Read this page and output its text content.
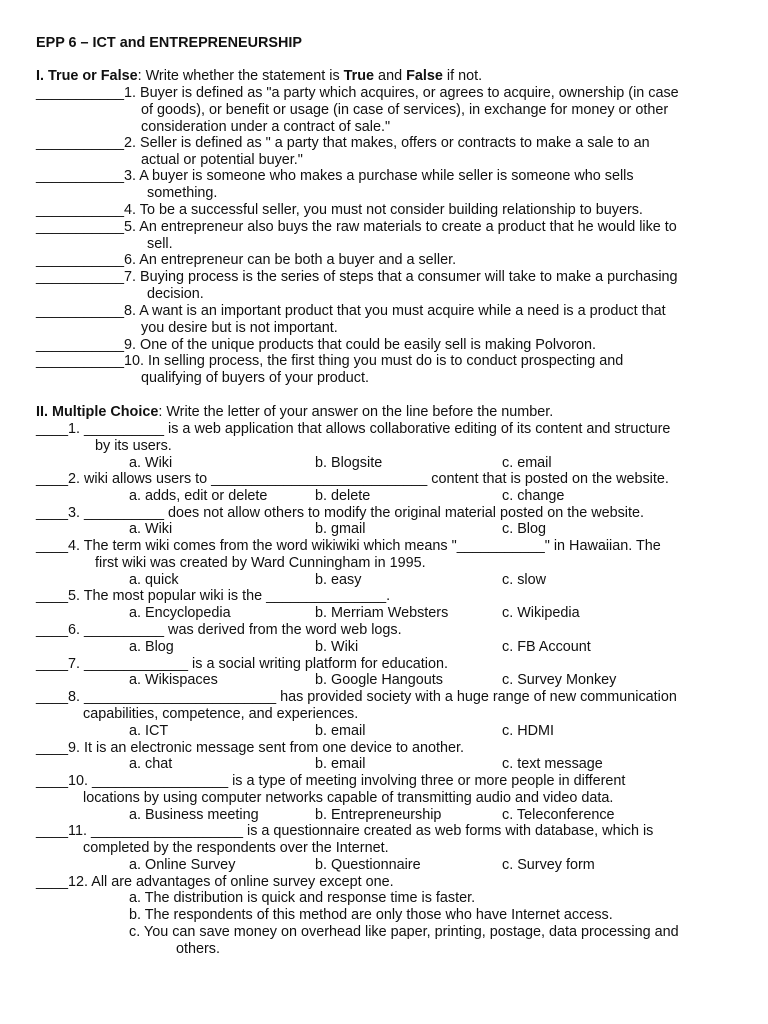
EPP 6 – ICT and ENTREPRENEURSHIP
I. True or False: Write whether the statement is True and False if not.
___________1. Buyer is defined as "a party which acquires, or agrees to acquire, ownership (in case
of goods), or benefit or usage (in case of services), in exchange for money or other
consideration under a contract of sale."
___________2. Seller is defined as " a party that makes, offers or contracts to make a sale to an
actual or potential buyer."
___________3. A buyer is someone who makes a purchase while seller is someone who sells
something.
___________4. To be a successful seller, you must not consider building relationship to buyers.
___________5. An entrepreneur also buys the raw materials to create a product that he would like to
sell.
___________6. An entrepreneur can be both a buyer and a seller.
___________7. Buying process is the series of steps that a consumer will take to make a purchasing
decision.
___________8. A want is an important product that you must acquire while a need is a product that
you desire but is not important.
___________9. One of the unique products that could be easily sell is making Polvoron.
___________10. In selling process, the first thing you must do is to conduct prospecting and
qualifying of buyers of your product.
II. Multiple Choice: Write the letter of your answer on the line before the number.
____1. __________ is a web application that allows collaborative editing of its content and structure
by its users.
a. Wiki	b. Blogsite	c. email
____2. wiki allows users to ___________________________ content that is posted on the website.
a. adds, edit or delete	b. delete	c. change
____3. __________ does not allow others to modify the original material posted on the website.
a. Wiki	b. gmail	c. Blog
____4. The term wiki comes from the word wikiwiki which means "___________" in Hawaiian. The
first wiki was created by Ward Cunningham in 1995.
a. quick	b. easy	c. slow
____5. The most popular wiki is the _______________.
a. Encyclopedia	b. Merriam Websters	c. Wikipedia
____6. __________ was derived from the word web logs.
a. Blog	b. Wiki	c. FB Account
____7. _____________ is a social writing platform for education.
a. Wikispaces	b. Google Hangouts	c. Survey Monkey
____8. ________________________ has provided society with a huge range of new communication
capabilities, competence, and experiences.
a. ICT	b. email	c. HDMI
____9. It is an electronic message sent from one device to another.
a. chat	b. email	c. text message
____10. _________________ is a type of meeting involving three or more people in different
locations by using computer networks capable of transmitting audio and video data.
a. Business meeting	b. Entrepreneurship	c. Teleconference
____11. ___________________ is a questionnaire created as web forms with database, which is
completed by the respondents over the Internet.
a. Online Survey	b. Questionnaire	c. Survey form
____12. All are advantages of online survey except one.
a. The distribution is quick and response time is faster.
b. The respondents of this method are only those who have Internet access.
c. You can save money on overhead like paper, printing, postage, data processing and
others.
